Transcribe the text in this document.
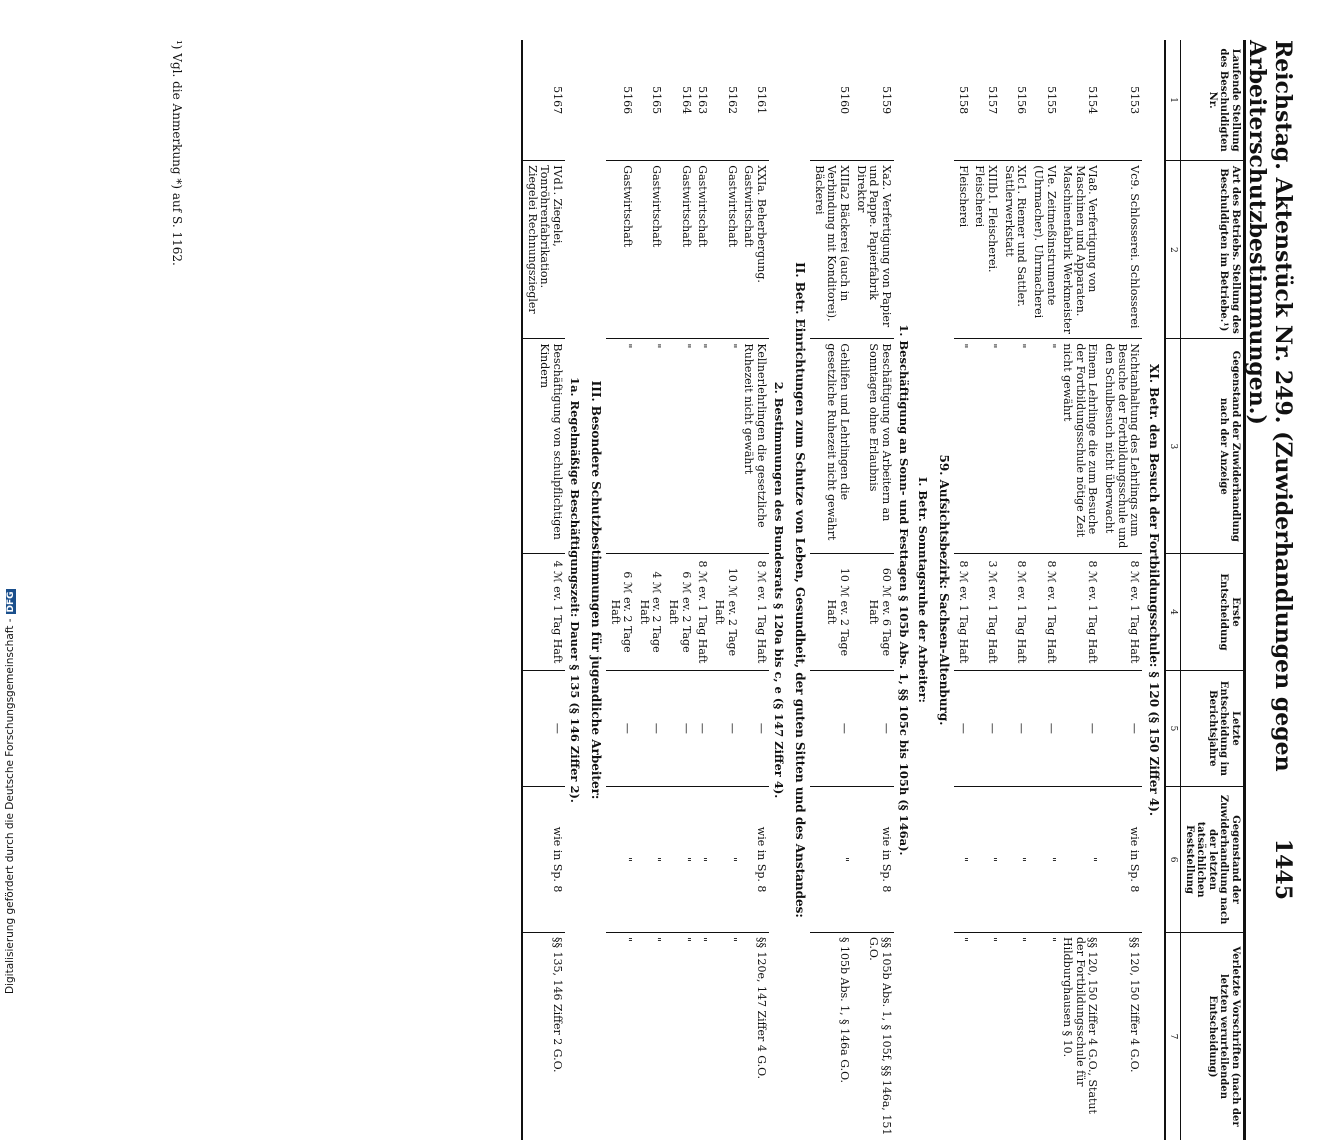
Reichstag. Aktenstück Nr. 249. (Zuwiderhandlungen gegen Arbeiterschutzbestimmungen.)
1445
Laufende Stellung des Beschuldigten Nr.	Art des Betriebs. Stellung des Beschuldigten im Betriebe.¹)	Gegenstand der Zuwiderhandlung nach der Anzeige	Erste Entscheidung	Letzte Entscheidung im Berichtsjahre	Gegenstand der Zuwiderhandlung nach der letzten tatsächlichen Feststellung	Verletzte Vorschriften (nach der letzten verurteilenden Entscheidung)
1	2	3	4	5	6	7
XI. Betr. den Besuch der Fortbildungsschule: § 120 (§ 150 Ziffer 4).						
5153	Vc9. Schlosserei. Schlosserei	Nichtanhaltung des Lehrlings zum Besuche der Fortbildungsschule und den Schulbesuch nicht überwacht	8 ℳ ev. 1 Tag Haft	—	wie in Sp. 8	§§ 120, 150 Ziffer 4 G.O.
5154	VIa8. Verfertigung von Maschinen und Apparaten. Maschinenfabrik Werkmeister	Einem Lehrlinge die zum Besuche der Fortbildungsschule nötige Zeit nicht gewährt	8 ℳ ev. 1 Tag Haft	—	"	§§ 120, 150 Ziffer 4 G.O., Statut der Fortbildungsschule für Hildburghausen § 10.
5155	VIe. Zeitmeßinstrumente (Uhrmacher). Uhrmacherei	"	8 ℳ ev. 1 Tag Haft	—	"	"
5156	XIc1. Riemer und Sattler. Sattlerwerkstatt	"	8 ℳ ev. 1 Tag Haft	—	"	"
5157	XIIIb1. Fleischerei. Fleischerei	"	3 ℳ ev. 1 Tag Haft	—	"	"
5158	Fleischerei	"	8 ℳ ev. 1 Tag Haft	—	"	"
59. Aufsichtsbezirk: Sachsen-Altenburg.						
I. Betr. Sonntagsruhe der Arbeiter:						
1. Beschäftigung an Sonn- und Festtagen § 105b Abs. 1, §§ 105c bis 105h (§ 146a).						
5159	Xa2. Verfertigung von Papier und Pappe. Papierfabrik Direktor	Beschäftigung von Arbeitern an Sonntagen ohne Erlaubnis	60 ℳ ev. 6 Tage Haft	—	wie in Sp. 8	§§ 105b Abs. 1, § 105f, §§ 146a, 151 G.O.
5160	XIIIa2 Bäckerei (auch in Verbindung mit Konditorei). Bäckerei	Gehilfen und Lehrlingen die gesetzliche Ruhezeit nicht gewährt	10 ℳ ev. 2 Tage Haft	—	"	§ 105b Abs. 1, § 146a G.O.
II. Betr. Einrichtungen zum Schutze von Leben, Gesundheit, der guten Sitten und des Anstandes:						
2. Bestimmungen des Bundesrats § 120a bis c, e (§ 147 Ziffer 4).						
5161	XXIa. Beherbergung. Gastwirtschaft	Kellnerlehrlingen die gesetzliche Ruhezeit nicht gewährt	8 ℳ ev. 1 Tag Haft	—	wie in Sp. 8	§§ 120e, 147 Ziffer 4 G.O.
5162	Gastwirtschaft	"	10 ℳ ev. 2 Tage Haft	—	"	"
5163	Gastwirtschaft	"	8 ℳ ev. 1 Tag Haft	—	"	"
5164	Gastwirtschaft	"	6 ℳ ev. 2 Tage Haft	—	"	"
5165	Gastwirtschaft	"	4 ℳ ev. 2 Tage Haft	—	"	"
5166	Gastwirtschaft	"	6 ℳ ev. 2 Tage Haft	—	"	"
III. Besondere Schutzbestimmungen für jugendliche Arbeiter:						
1a. Regelmäßige Beschäftigungszeit: Dauer § 135 (§ 146 Ziffer 2).						
5167	IVd1. Ziegelei, Tonröhrenfabrikation. Ziegelei Rechnungsziegler	Beschäftigung von schulpflichtigen Kindern	4 ℳ ev. 1 Tag Haft	—	wie in Sp. 8	§§ 135, 146 Ziffer 2 G.O.
¹) Vgl. die Anmerkung *) auf S. 1162.
Digitalisierung gefördert durch die Deutsche Forschungsgemeinschaft -DFG
